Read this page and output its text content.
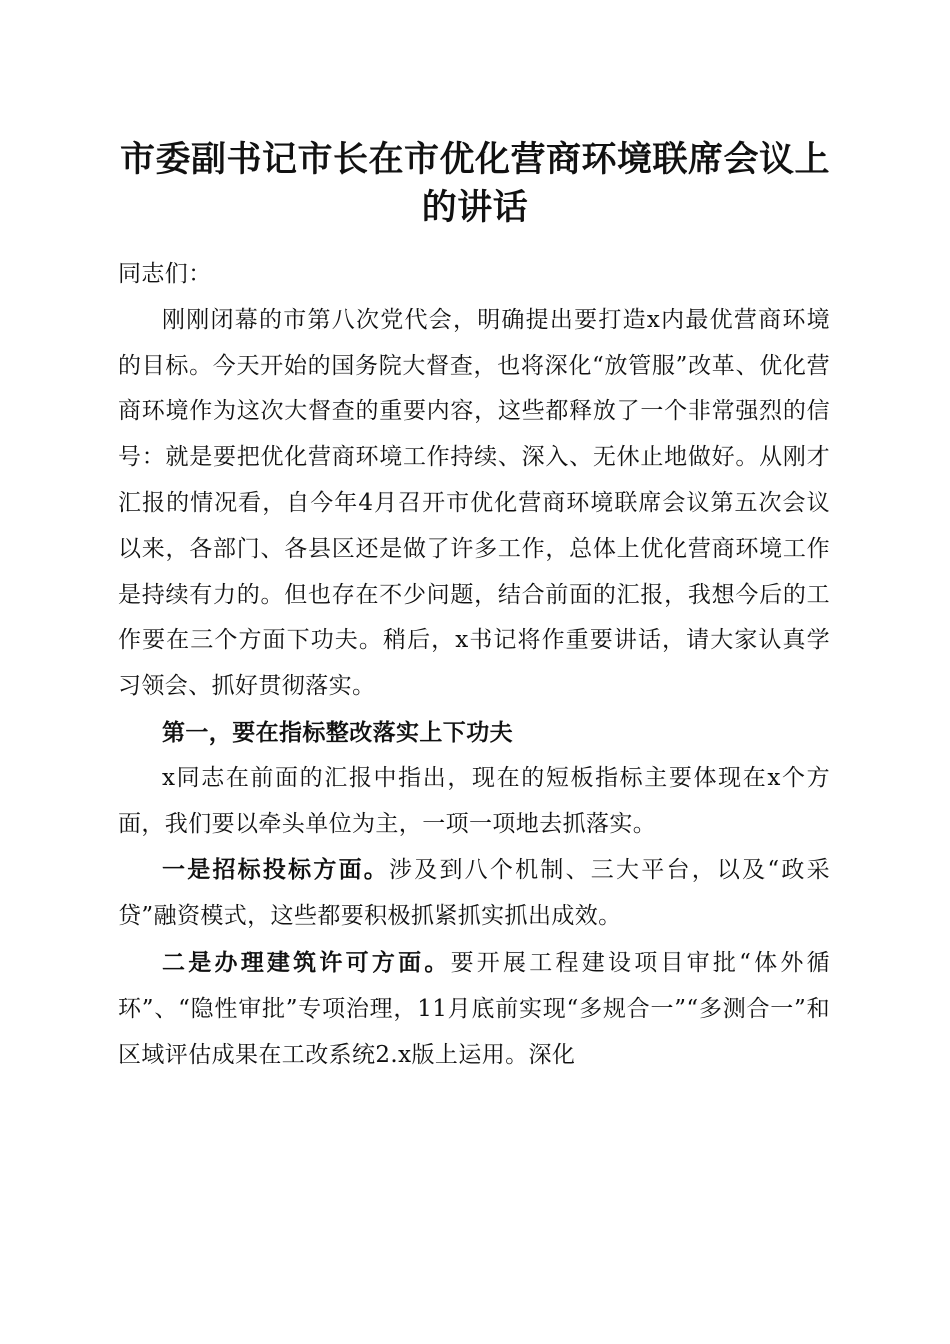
市委副书记市长在市优化营商环境联席会议上
的讲话

同志们：

刚刚闭幕的市第八次党代会，明确提出要打造x内最优营商环境的目标。今天开始的国务院大督查，也将深化“放管服”改革、优化营商环境作为这次大督查的重要内容，这些都释放了一个非常强烈的信号：就是要把优化营商环境工作持续、深入、无休止地做好。从刚才汇报的情况看，自今年4月召开市优化营商环境联席会议第五次会议以来，各部门、各县区还是做了许多工作，总体上优化营商环境工作是持续有力的。但也存在不少问题，结合前面的汇报，我想今后的工作要在三个方面下功夫。稍后，x书记将作重要讲话，请大家认真学习领会、抓好贯彻落实。

第一，要在指标整改落实上下功夫

x同志在前面的汇报中指出，现在的短板指标主要体现在x个方面，我们要以牵头单位为主，一项一项地去抓落实。

一是招标投标方面。涉及到八个机制、三大平台，以及“政采贷”融资模式，这些都要积极抓紧抓实抓出成效。

二是办理建筑许可方面。要开展工程建设项目审批“体外循环”、“隐性审批”专项治理，11月底前实现“多规合一”“多测合一”和区域评估成果在工改系统2.x版上运用。深化
